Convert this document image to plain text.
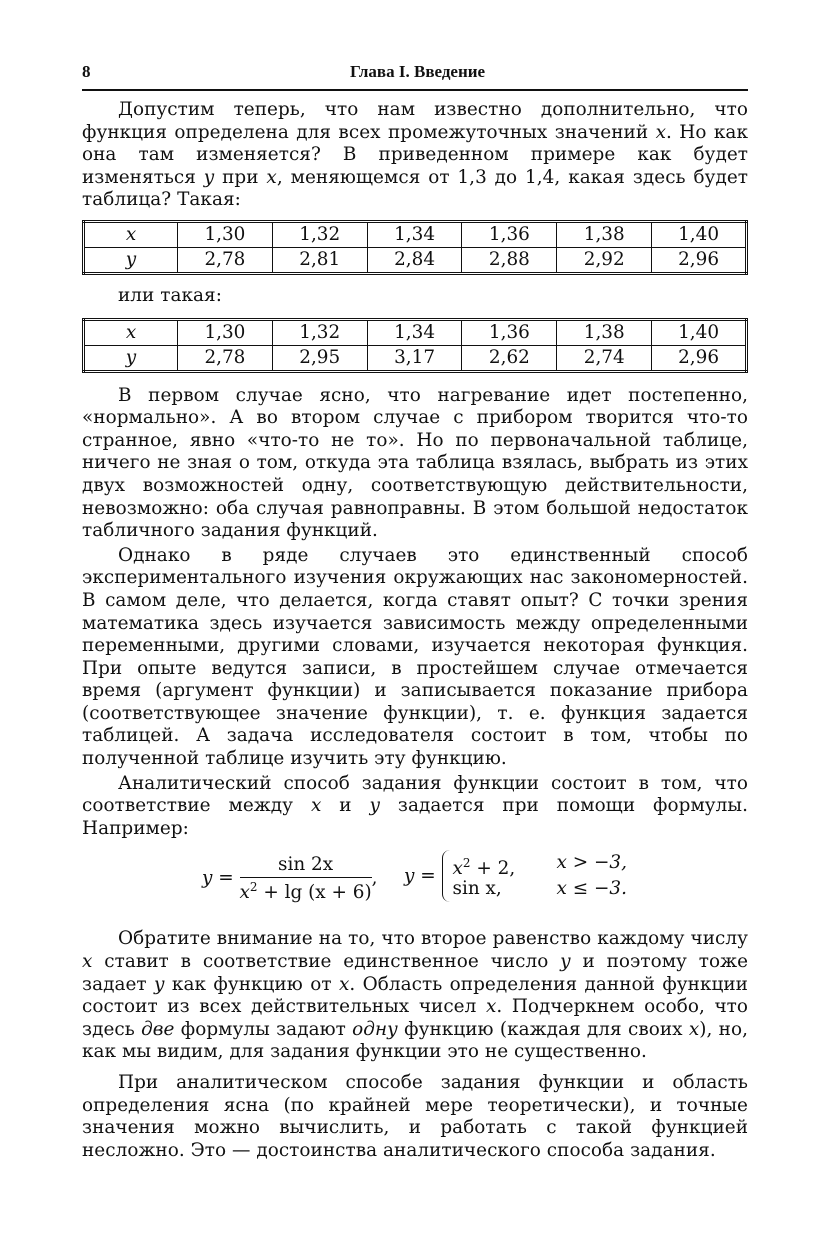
8	Глава I. Введение

Допустим теперь, что нам известно дополнительно, что функция определена для всех промежуточных значений x. Но как она там изменяется? В приведенном примере как будет изменяться y при x, меняющемся от 1,3 до 1,4, какая здесь будет таблица? Такая:

x	1,30	1,32	1,34	1,36	1,38	1,40
y	2,78	2,81	2,84	2,88	2,92	2,96

или такая:

x	1,30	1,32	1,34	1,36	1,38	1,40
y	2,78	2,95	3,17	2,62	2,74	2,96

В первом случае ясно, что нагревание идет постепенно, «нормально». А во втором случае с прибором творится что-то странное, явно «что-то не то». Но по первоначальной таблице, ничего не зная о том, откуда эта таблица взялась, выбрать из этих двух возможностей одну, соответствующую действительности, невозможно: оба случая равноправны. В этом большой недостаток табличного задания функций.

Однако в ряде случаев это единственный способ экспериментального изучения окружающих нас закономерностей. В самом деле, что делается, когда ставят опыт? С точки зрения математика здесь изучается зависимость между определенными переменными, другими словами, изучается некоторая функция. При опыте ведутся записи, в простейшем случае отмечается время (аргумент функции) и записывается показание прибора (соответствующее значение функции), т. е. функция задается таблицей. А задача исследователя состоит в том, чтобы по полученной таблице изучить эту функцию.

Аналитический способ задания функции состоит в том, что соответствие между x и y задается при помощи формулы. Например:

$y = \frac{\sin 2x}{x^2 + \lg (x + 6)}$ , $y = x^2 + 2$,	x > −3,
sin x,	x ≤ −3.

Обратите внимание на то, что второе равенство каждому числу x ставит в соответствие единственное число y и поэтому тоже задает y как функцию от x. Область определения данной функции состоит из всех действительных чисел x. Подчеркнем особо, что здесь две формулы задают одну функцию (каждая для своих x), но, как мы видим, для задания функции это не существенно.

При аналитическом способе задания функции и область определения ясна (по крайней мере теоретически), и точные значения можно вычислить, и работать с такой функцией несложно. Это — достоинства аналитического способа задания.
